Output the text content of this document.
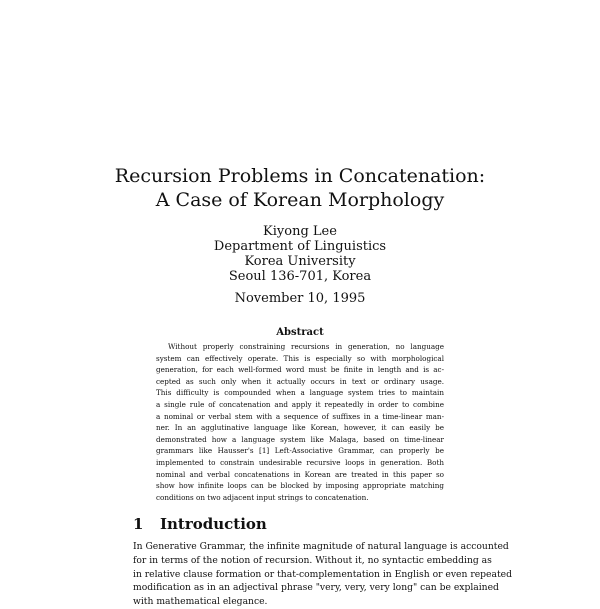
Recursion Problems in Concatenation:
A Case of Korean Morphology
Kiyong Lee
Department of Linguistics
Korea University
Seoul 136-701, Korea
November 10, 1995
Abstract
Without properly constraining recursions in generation, no language
system can effectively operate. This is especially so with morphological
generation, for each well-formed word must be finite in length and is ac-
cepted as such only when it actually occurs in text or ordinary usage.
This difficulty is compounded when a language system tries to maintain
a single rule of concatenation and apply it repeatedly in order to combine
a nominal or verbal stem with a sequence of suffixes in a time-linear man-
ner. In an agglutinative language like Korean, however, it can easily be
demonstrated how a language system like Malaga, based on time-linear
grammars like Hausser's [1] Left-Associative Grammar, can properly be
implemented to constrain undesirable recursive loops in generation. Both
nominal and verbal concatenations in Korean are treated in this paper so
show how infinite loops can be blocked by imposing appropriate matching
conditions on two adjacent input strings to concatenation.
1 Introduction
In Generative Grammar, the infinite magnitude of natural language is accounted
for in terms of the notion of recursion. Without it, no syntactic embedding as
in relative clause formation or that-complementation in English or even repeated
modification as in an adjectival phrase "very, very, very long" can be explained
with mathematical elegance.
